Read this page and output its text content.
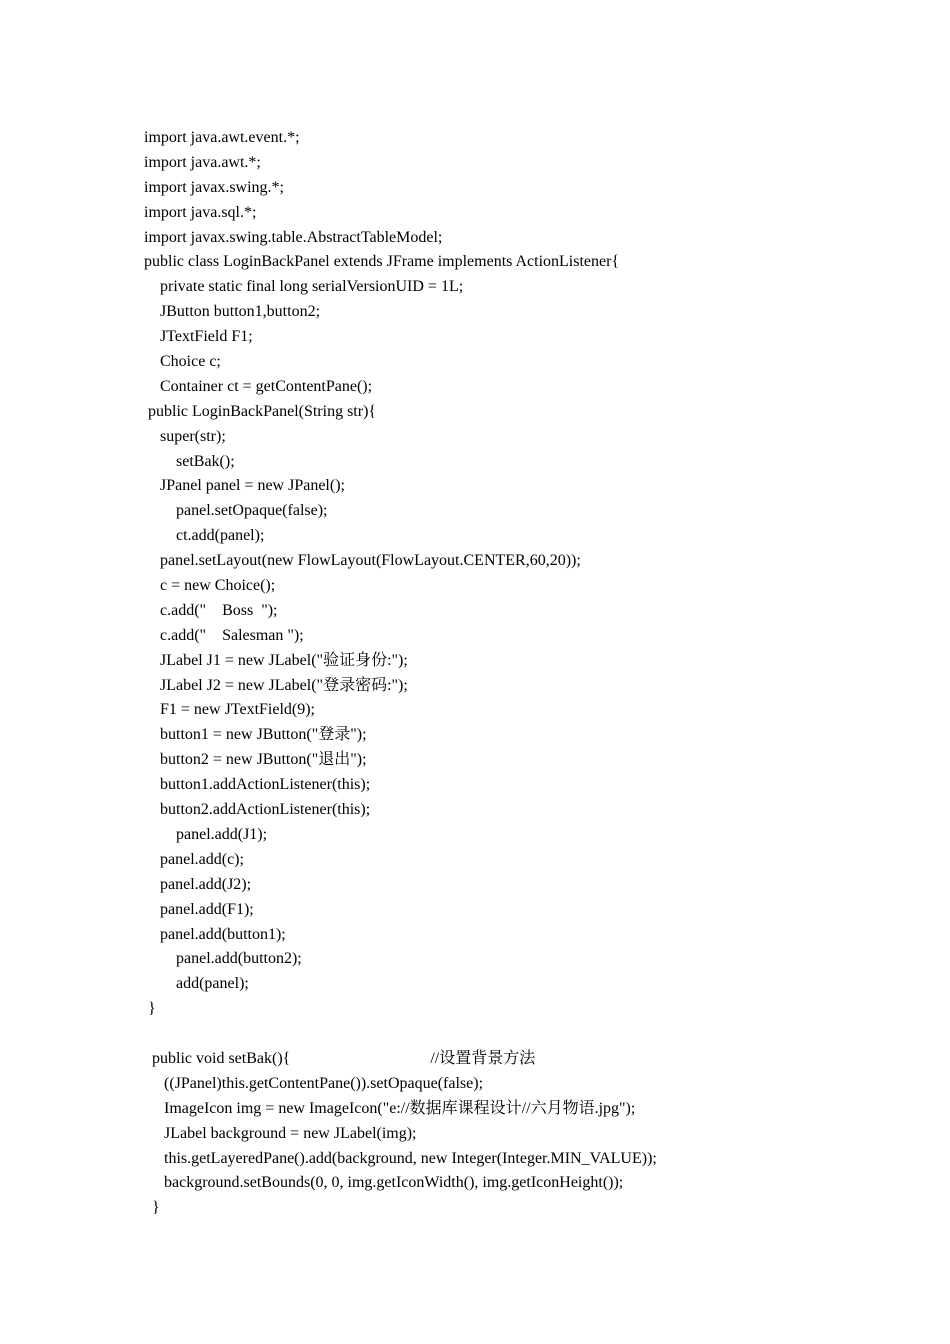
import java.awt.event.*;
import java.awt.*;
import javax.swing.*;
import java.sql.*;
import javax.swing.table.AbstractTableModel;
public class LoginBackPanel extends JFrame implements ActionListener{
private static final long serialVersionUID = 1L;
JButton button1,button2;
JTextField F1;
Choice c;
Container ct = getContentPane();
public LoginBackPanel(String str){
super(str);
setBak();
JPanel panel = new JPanel();
panel.setOpaque(false);
ct.add(panel);
panel.setLayout(new FlowLayout(FlowLayout.CENTER,60,20));
c = new Choice();
c.add("    Boss  ");
c.add("    Salesman ");
JLabel J1 = new JLabel("验证身份:");
JLabel J2 = new JLabel("登录密码:");
F1 = new JTextField(9);
button1 = new JButton("登录");
button2 = new JButton("退出");
button1.addActionListener(this);
button2.addActionListener(this);
panel.add(J1);
panel.add(c);
panel.add(J2);
panel.add(F1);
panel.add(button1);
panel.add(button2);
add(panel);
}
public void setBak(){                                   //设置背景方法
((JPanel)this.getContentPane()).setOpaque(false);
ImageIcon img = new ImageIcon("e://数据库课程设计//六月物语.jpg");
JLabel background = new JLabel(img);
this.getLayeredPane().add(background, new Integer(Integer.MIN_VALUE));
background.setBounds(0, 0, img.getIconWidth(), img.getIconHeight());
}
